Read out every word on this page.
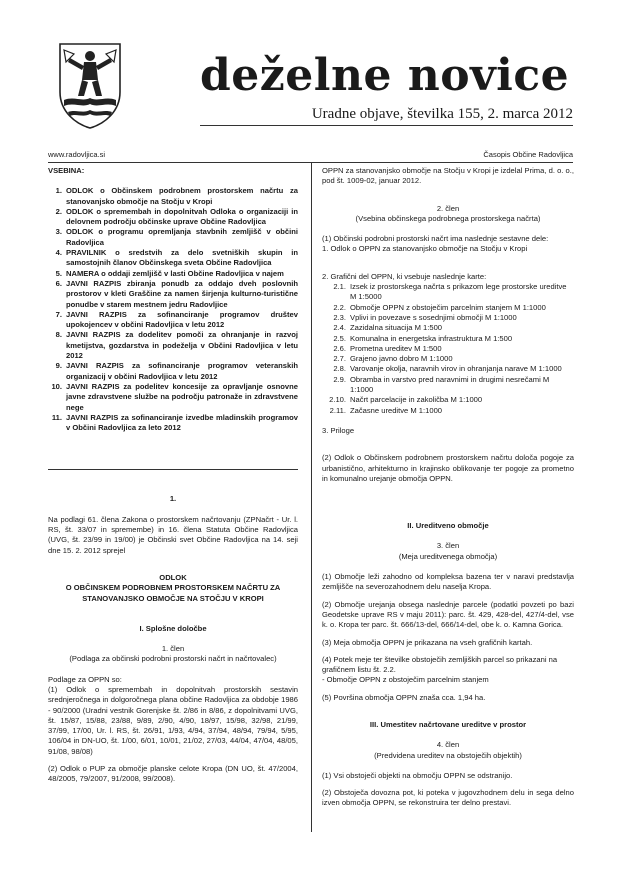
deželne novice
Uradne objave, številka 155, 2. marca 2012
www.radovljica.si	Časopis Občine Radovljica
VSEBINA:
1. ODLOK o Občinskem podrobnem prostorskem načrtu za stanovanjsko območje na Stočju v Kropi
2. ODLOK o spremembah in dopolnitvah Odloka o organizaciji in delovnem področju občinske uprave Občine Radovljica
3. ODLOK o programu opremljanja stavbnih zemljišč v občini Radovljica
4. PRAVILNIK o sredstvih za delo svetniških skupin in samostojnih članov Občinskega sveta Občine Radovljica
5. NAMERA o oddaji zemljišč v lasti Občine Radovljica v najem
6. JAVNI RAZPIS zbiranja ponudb za oddajo dveh poslovnih prostorov v kleti Graščine za namen širjenja kulturno-turistične ponudbe v starem mestnem jedru Radovljice
7. JAVNI RAZPIS za sofinanciranje programov društev upokojencev v občini Radovljica v letu 2012
8. JAVNI RAZPIS za dodelitev pomoči za ohranjanje in razvoj kmetijstva, gozdarstva in podeželja v Občini Radovljica v letu 2012
9. JAVNI RAZPIS za sofinanciranje programov veteranskih organizacij v občini Radovljica v letu 2012
10. JAVNI RAZPIS za podelitev koncesije za opravljanje osnovne javne zdravstvene službe na področju patronaže in zdravstvene nege
11. JAVNI RAZPIS za sofinanciranje izvedbe mladinskih programov v Občini Radovljica za leto 2012
1.
Na podlagi 61. člena Zakona o prostorskem načrtovanju (ZPNačrt - Ur. l. RS, št. 33/07 in spremembe) in 16. člena Statuta Občine Radovljica (UVG, št. 23/99 in 19/00) je Občinski svet Občine Radovljica na 14. seji dne 15. 2. 2012 sprejel
ODLOK
O OBČINSKEM PODROBNEM PROSTORSKEM NAČRTU ZA STANOVANJSKO OBMOČJE NA STOČJU V KROPI
I. Splošne določbe
1. člen
(Podlaga za občinski podrobni prostorski načrt in načrtovalec)
Podlage za OPPN so:
(1) Odlok o spremembah in dopolnitvah prostorskih sestavin srednjeročnega in dolgoročnega plana občine Radovljica za obdobje 1986 - 90/2000 (Uradni vestnik Gorenjske št. 2/86 in 8/86, z dopolnitvami UVG, št. 15/87, 15/88, 23/88, 9/89, 2/90, 4/90, 18/97, 15/98, 32/98, 21/99, 37/99, 17/00, Ur. l. RS, št. 26/91, 1/93, 4/94, 37/94, 48/94, 79/94, 5/95, 106/04 in DN-UO, št. 1/00, 6/01, 10/01, 21/02, 27/03, 44/04, 47/04, 48/05, 91/08, 98/08)
(2) Odlok o PUP za območje planske celote Kropa (DN UO, št. 47/2004, 48/2005, 79/2007, 91/2008, 99/2008).
OPPN za stanovanjsko območje na Stočju v Kropi je izdelal Prima, d. o. o., pod št. 1009-02, januar 2012.
2. člen
(Vsebina občinskega podrobnega prostorskega načrta)
(1) Občinski podrobni prostorski načrt ima naslednje sestavne dele:
1. Odlok o OPPN za stanovanjsko območje na Stočju v Kropi
2. Grafični del OPPN, ki vsebuje naslednje karte:
2.1. Izsek iz prostorskega načrta s prikazom lege prostorske ureditve M 1:5000
2.2. Območje OPPN z obstoječim parcelnim stanjem M 1:1000
2.3. Vplivi in povezave s sosednjimi območji M 1:1000
2.4. Zazidalna situacija M 1:500
2.5. Komunalna in energetska infrastruktura M 1:500
2.6. Prometna ureditev M 1:500
2.7. Grajeno javno dobro M 1:1000
2.8. Varovanje okolja, naravnih virov in ohranjanja narave M 1:1000
2.9. Obramba in varstvo pred naravnimi in drugimi nesrečami M 1:1000
2.10. Načrt parcelacije in zakoličba M 1:1000
2.11. Začasne ureditve M 1:1000
3. Priloge
(2) Odlok o Občinskem podrobnem prostorskem načrtu določa pogoje za urbanistično, arhitekturno in krajinsko oblikovanje ter pogoje za prometno in komunalno urejanje območja OPPN.
II. Ureditveno območje
3. člen
(Meja ureditvenega območja)
(1) Območje leži zahodno od kompleksa bazena ter v naravi predstavlja zemljišče na severozahodnem delu naselja Kropa.
(2) Območje urejanja obsega naslednje parcele (podatki povzeti po bazi Geodetske uprave RS v maju 2011): parc. št. 429, 428-del, 427/4-del, vse k. o. Kropa ter parc. št. 666/13-del, 666/14-del, obe k. o. Kamna Gorica.
(3) Meja območja OPPN je prikazana na vseh grafičnih kartah.
(4) Potek meje ter številke obstoječih zemljiških parcel so prikazani na grafičnem listu št. 2.2.
- Območje OPPN z obstoječim parcelnim stanjem
(5) Površina območja OPPN znaša cca. 1,94 ha.
III. Umestitev načrtovane ureditve v prostor
4. člen
(Predvidena ureditev na obstoječih objektih)
(1) Vsi obstoječi objekti na območju OPPN se odstranijo.
(2) Obstoječa dovozna pot, ki poteka v jugovzhodnem delu in sega delno izven območja OPPN, se rekonstruira ter delno prestavi.
